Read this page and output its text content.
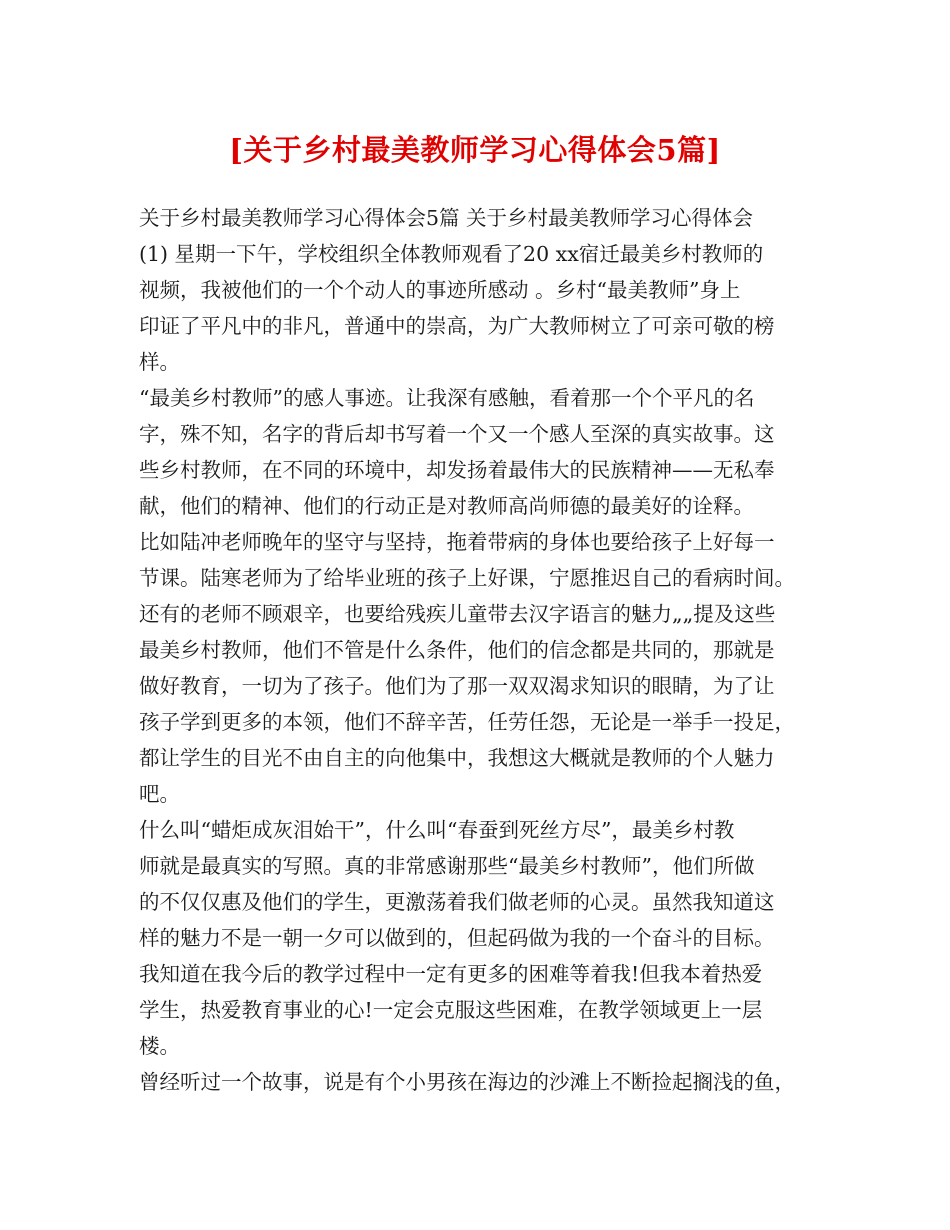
[关于乡村最美教师学习心得体会5篇]
关于乡村最美教师学习心得体会5篇 关于乡村最美教师学习心得体会
(1) 星期一下午，学校组织全体教师观看了20 xx宿迁最美乡村教师的
视频，我被他们的一个个动人的事迹所感动 。乡村“最美教师”身上
印证了平凡中的非凡，普通中的崇高，为广大教师树立了可亲可敬的榜
样。
“最美乡村教师”的感人事迹。让我深有感触，看着那一个个平凡的名
字，殊不知，名字的背后却书写着一个又一个感人至深的真实故事。这
些乡村教师，在不同的环境中，却发扬着最伟大的民族精神——无私奉
献，他们的精神、他们的行动正是对教师高尚师德的最美好的诠释。
比如陆冲老师晚年的坚守与坚持，拖着带病的身体也要给孩子上好每一
节课。陆寒老师为了给毕业班的孩子上好课，宁愿推迟自己的看病时间。
还有的老师不顾艰辛，也要给残疾儿童带去汉字语言的魅力„„提及这些
最美乡村教师，他们不管是什么条件，他们的信念都是共同的，那就是
做好教育，一切为了孩子。他们为了那一双双渴求知识的眼睛，为了让
孩子学到更多的本领，他们不辞辛苦，任劳任怨，无论是一举手一投足，
都让学生的目光不由自主的向他集中，我想这大概就是教师的个人魅力
吧。
什么叫“蜡炬成灰泪始干”，什么叫“春蚕到死丝方尽”，最美乡村教
师就是最真实的写照。真的非常感谢那些“最美乡村教师”，他们所做
的不仅仅惠及他们的学生，更激荡着我们做老师的心灵。虽然我知道这
样的魅力不是一朝一夕可以做到的，但起码做为我的一个奋斗的目标。
我知道在我今后的教学过程中一定有更多的困难等着我!但我本着热爱
学生，热爱教育事业的心!一定会克服这些困难，在教学领域更上一层
楼。
曾经听过一个故事，说是有个小男孩在海边的沙滩上不断捡起搁浅的鱼，
